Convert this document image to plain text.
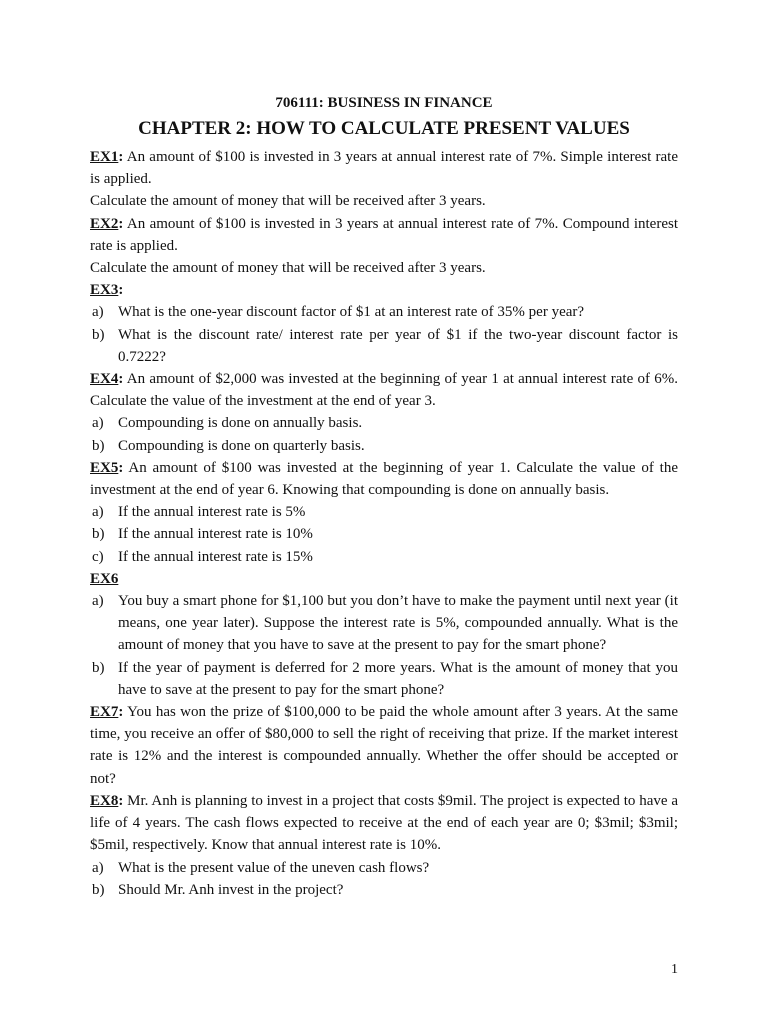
706111: BUSINESS IN FINANCE
CHAPTER 2: HOW TO CALCULATE PRESENT VALUES

EX1: An amount of $100 is invested in 3 years at annual interest rate of 7%. Simple interest rate is applied.

Calculate the amount of money that will be received after 3 years.

EX2: An amount of $100 is invested in 3 years at annual interest rate of 7%. Compound interest rate is applied.

Calculate the amount of money that will be received after 3 years.

EX3:

a) What is the one-year discount factor of $1 at an interest rate of 35% per year?
b) What is the discount rate/ interest rate per year of $1 if the two-year discount factor is 0.7222?

EX4: An amount of $2,000 was invested at the beginning of year 1 at annual interest rate of 6%. Calculate the value of the investment at the end of year 3.

a) Compounding is done on annually basis.
b) Compounding is done on quarterly basis.

EX5: An amount of $100 was invested at the beginning of year 1. Calculate the value of the investment at the end of year 6. Knowing that compounding is done on annually basis.

a) If the annual interest rate is 5%
b) If the annual interest rate is 10%
c) If the annual interest rate is 15%

EX6

a) You buy a smart phone for $1,100 but you don’t have to make the payment until next year (it means, one year later). Suppose the interest rate is 5%, compounded annually. What is the amount of money that you have to save at the present to pay for the smart phone?
b) If the year of payment is deferred for 2 more years. What is the amount of money that you have to save at the present to pay for the smart phone?

EX7: You has won the prize of $100,000 to be paid the whole amount after 3 years. At the same time, you receive an offer of $80,000 to sell the right of receiving that prize. If the market interest rate is 12% and the interest is compounded annually. Whether the offer should be accepted or not?

EX8: Mr. Anh is planning to invest in a project that costs $9mil. The project is expected to have a life of 4 years. The cash flows expected to receive at the end of each year are 0; $3mil; $3mil; $5mil, respectively. Know that annual interest rate is 10%.

a) What is the present value of the uneven cash flows?
b) Should Mr. Anh invest in the project?
1
